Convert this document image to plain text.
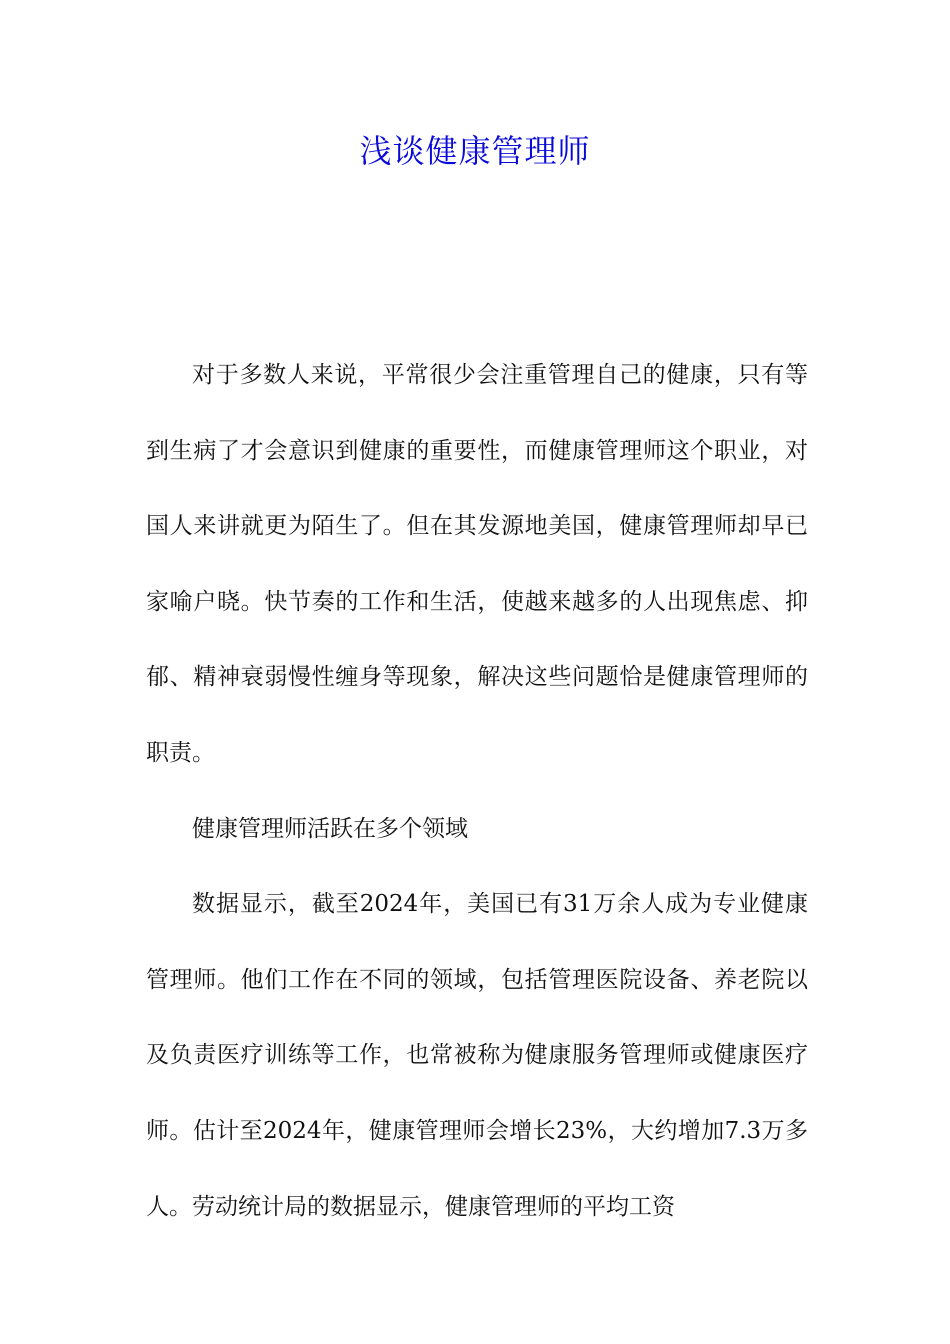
浅谈健康管理师

对于多数人来说，平常很少会注重管理自己的健康，只有等到生病了才会意识到健康的重要性，而健康管理师这个职业，对国人来讲就更为陌生了。但在其发源地美国，健康管理师却早已家喻户晓。快节奏的工作和生活，使越来越多的人出现焦虑、抑郁、精神衰弱慢性缠身等现象，解决这些问题恰是健康管理师的职责。

健康管理师活跃在多个领域

数据显示，截至2024年，美国已有31万余人成为专业健康管理师。他们工作在不同的领域，包括管理医院设备、养老院以及负责医疗训练等工作，也常被称为健康服务管理师或健康医疗师。估计至2024年，健康管理师会增长23%，大约增加7.3万多人。劳动统计局的数据显示，健康管理师的平均工资
